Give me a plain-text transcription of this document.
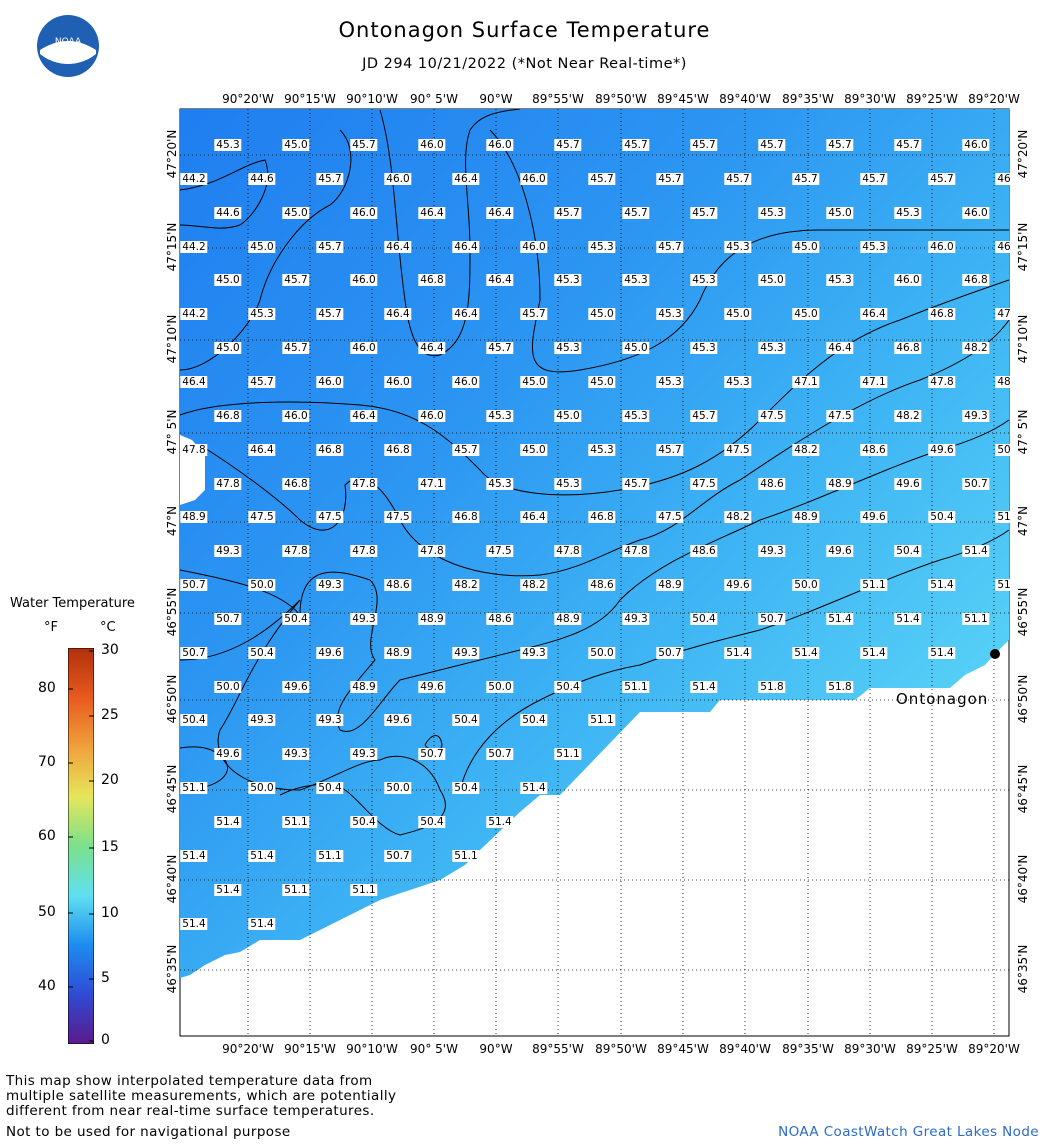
Ontonagon Surface Temperature
JD 294 10/21/2022 (*Not Near Real-time*)
NOAA
45.3	45.0	45.7	46.0	46.0	45.7	45.7	45.7	45.7	45.7	45.7	46.0
44.2	44.6	45.7	46.0	46.4	46.0	45.7	45.7	45.7	45.7	45.7	45.7	46
44.6	45.0	46.0	46.4	46.4	45.7	45.7	45.7	45.3	45.0	45.3	46.0
44.2	45.0	45.7	46.4	46.4	46.0	45.3	45.7	45.3	45.0	45.3	46.0	46
45.0	45.7	46.0	46.8	46.4	45.3	45.3	45.3	45.0	45.3	46.0	46.8
44.2	45.3	45.7	46.4	46.4	45.7	45.0	45.3	45.0	45.0	46.4	46.8	47
45.0	45.7	46.0	46.4	45.7	45.3	45.0	45.3	45.3	46.4	46.8	48.2
46.4	45.7	46.0	46.0	46.0	45.0	45.0	45.3	45.3	47.1	47.1	47.8	48
46.8	46.0	46.4	46.0	45.3	45.0	45.3	45.7	47.5	47.5	48.2	49.3
47.8	46.4	46.8	46.8	45.7	45.0	45.3	45.7	47.5	48.2	48.6	49.6	50
47.8	46.8	47.8	47.1	45.3	45.3	45.7	47.5	48.6	48.9	49.6	50.7
48.9	47.5	47.5	47.5	46.8	46.4	46.8	47.5	48.2	48.9	49.6	50.4	51
49.3	47.8	47.8	47.8	47.5	47.8	47.8	48.6	49.3	49.6	50.4	51.4
50.7	50.0	49.3	48.6	48.2	48.2	48.6	48.9	49.6	50.0	51.1	51.4	51
50.7	50.4	49.3	48.9	48.6	48.9	49.3	50.4	50.7	51.4	51.4	51.1
50.7	50.4	49.6	48.9	49.3	49.3	50.0	50.7	51.4	51.4	51.4	51.4
50.0	49.6	48.9	49.6	50.0	50.4	51.1	51.4	51.8	51.8
50.4	49.3	49.3	49.6	50.4	50.4	51.1
49.6	49.3	49.3	50.7	50.7	51.1
51.1	50.0	50.4	50.0	50.4	51.4
51.4	51.1	50.4	50.4	51.4
51.4	51.4	51.1	50.7	51.1
51.4	51.1	51.1
51.4	51.4
90°20'W 90°15'W 90°10'W	90° 5'W	90°W	89°55'W 89°50'W 89°45'W 89°40'W 89°35'W 89°30'W 89°25'W 89°20'W
90°20'W 90°15'W 90°10'W	90° 5'W	90°W	89°55'W 89°50'W 89°45'W 89°40'W 89°35'W 89°30'W 89°25'W 89°20'W
47°20'N
47°15'N
47°10'N
47° 5'N
47°N
46°55'N
46°50'N
46°45'N
46°40'N
46°35'N
47°20'N
47°15'N
47°10'N
47° 5'N
47°N
46°55'N
46°50'N
46°45'N
46°40'N
46°35'N
Ontonagon
Water Temperature
°F	°C
80
70
60
50
40
30
25
20
15
10
5
0
This map show interpolated temperature data from
multiple satellite measurements, which are potentially
different from near real-time surface temperatures.
Not to be used for navigational purpose	NOAA CoastWatch Great Lakes Node
